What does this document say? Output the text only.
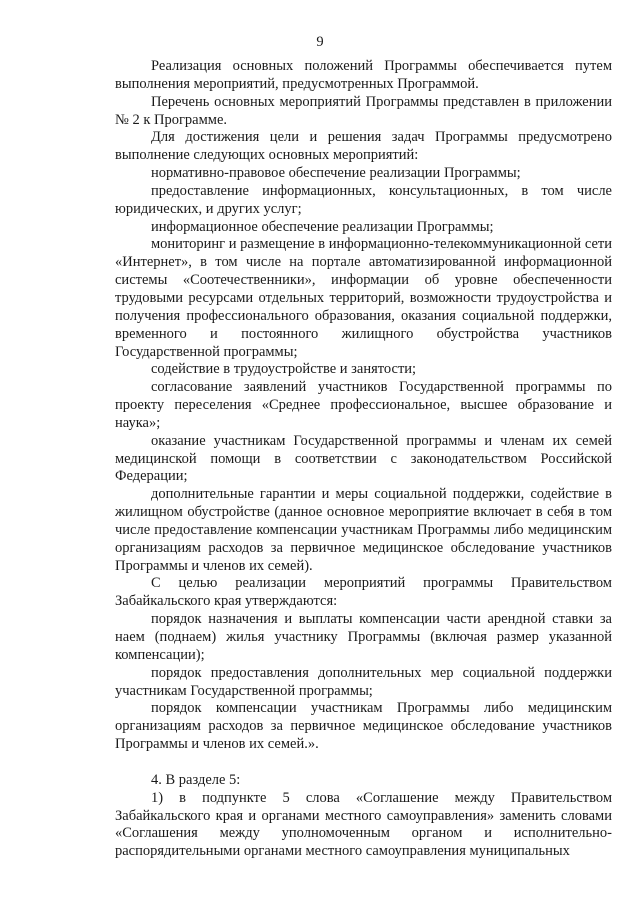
9

Реализация основных положений Программы обеспечивается путем выполнения мероприятий, предусмотренных Программой.

Перечень основных мероприятий Программы представлен в приложении № 2 к Программе.

Для достижения цели и решения задач Программы предусмотрено выполнение следующих основных мероприятий:

нормативно-правовое обеспечение реализации Программы;

предоставление информационных, консультационных, в том числе юридических, и других услуг;

информационное обеспечение реализации Программы;

мониторинг и размещение в информационно-телекоммуникационной сети «Интернет», в том числе на портале автоматизированной информационной системы «Соотечественники», информации об уровне обеспеченности трудовыми ресурсами отдельных территорий, возможности трудоустройства и получения профессионального образования, оказания социальной поддержки, временного и постоянного жилищного обустройства участников Государственной программы;

содействие в трудоустройстве и занятости;

согласование заявлений участников Государственной программы по проекту переселения «Среднее профессиональное, высшее образование и наука»;

оказание участникам Государственной программы и членам их семей медицинской помощи в соответствии с законодательством Российской Федерации;

дополнительные гарантии и меры социальной поддержки, содействие в жилищном обустройстве (данное основное мероприятие включает в себя в том числе предоставление компенсации участникам Программы либо медицинским организациям расходов за первичное медицинское обследование участников Программы и членов их семей).

С целью реализации мероприятий программы Правительством Забайкальского края утверждаются:

порядок назначения и выплаты компенсации части арендной ставки за наем (поднаем) жилья участнику Программы (включая размер указанной компенсации);

порядок предоставления дополнительных мер социальной поддержки участникам Государственной программы;

порядок компенсации участникам Программы либо медицинским организациям расходов за первичное медицинское обследование участников Программы и членов их семей.».

4. В разделе 5:

1) в подпункте 5 слова «Соглашение между Правительством Забайкальского края и органами местного самоуправления» заменить словами «Соглашения между уполномоченным органом и исполнительно-распорядительными органами местного самоуправления муниципальных
